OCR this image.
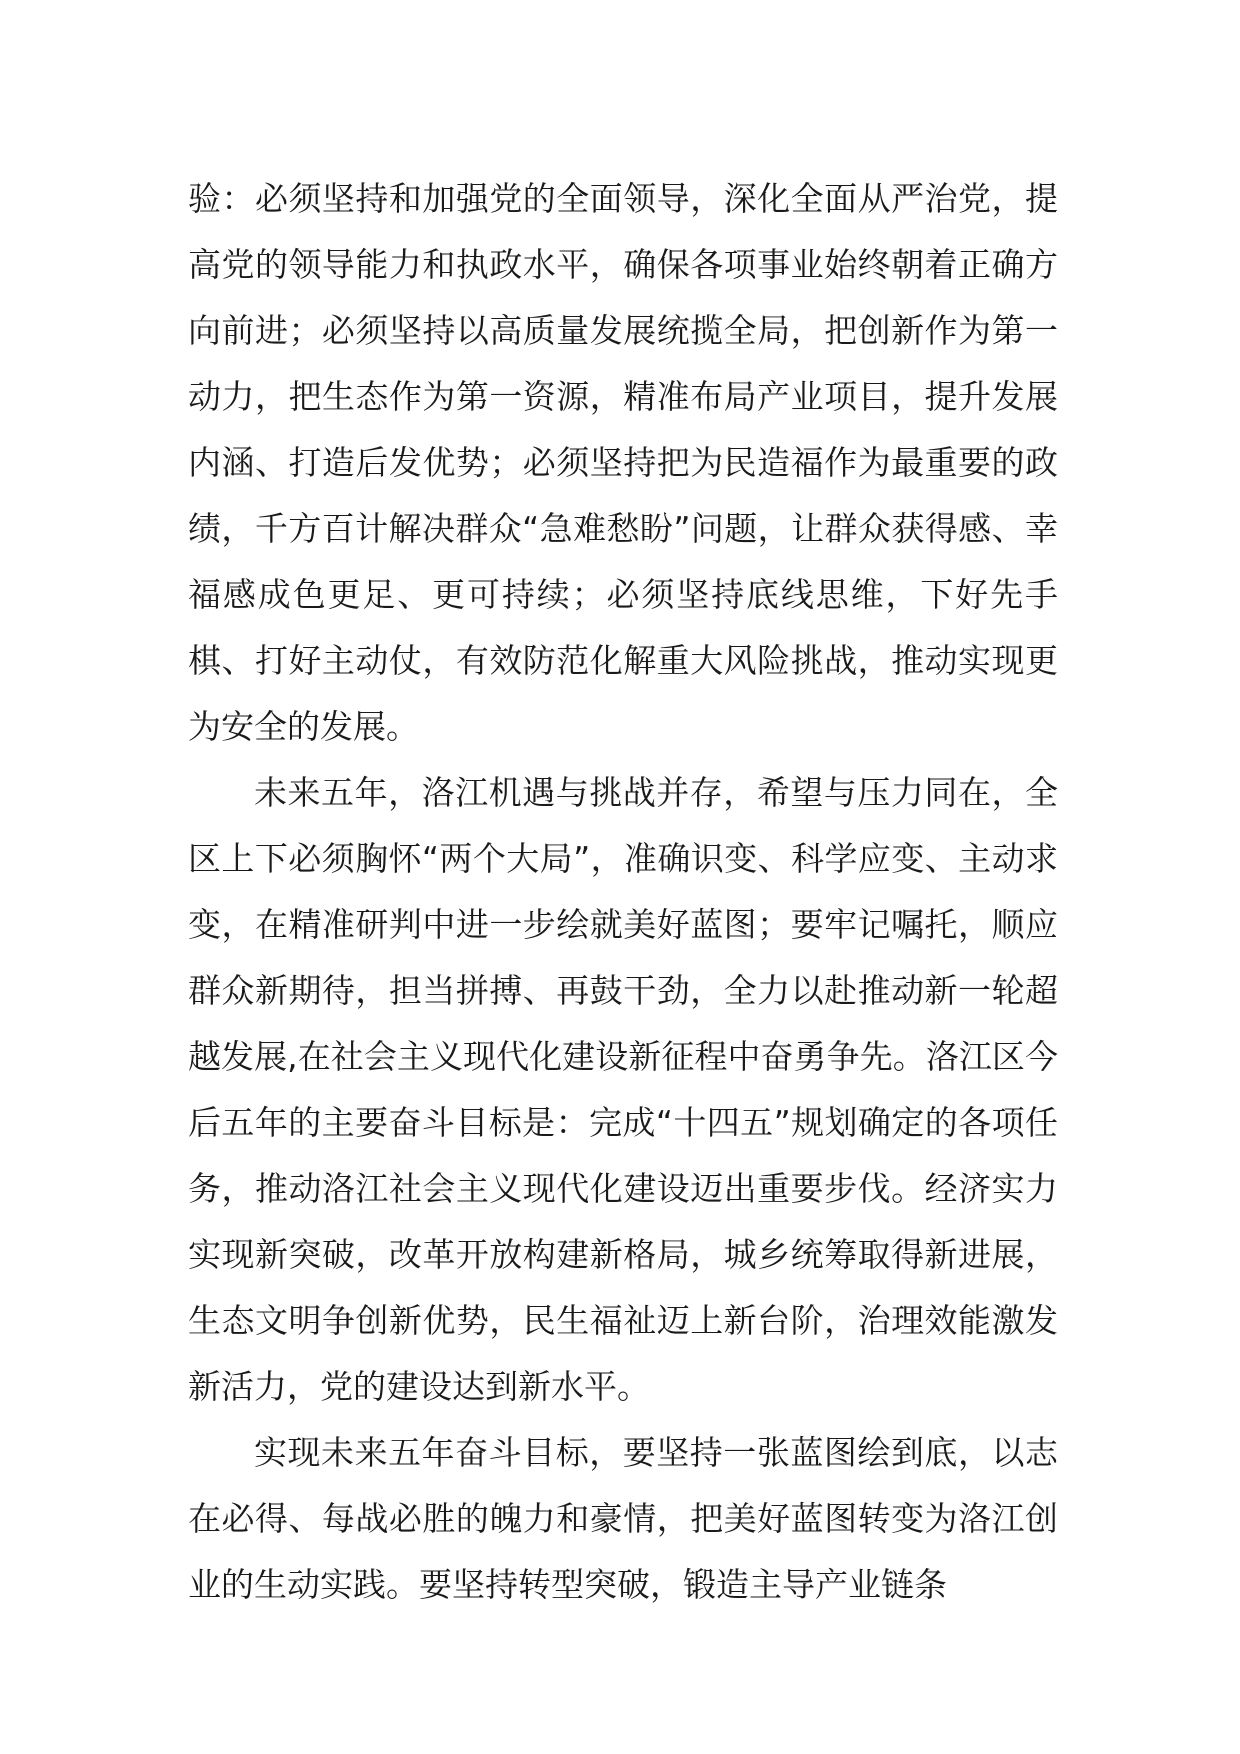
验：必须坚持和加强党的全面领导，深化全面从严治党，提高党的领导能力和执政水平，确保各项事业始终朝着正确方向前进；必须坚持以高质量发展统揽全局，把创新作为第一动力，把生态作为第一资源，精准布局产业项目，提升发展内涵、打造后发优势；必须坚持把为民造福作为最重要的政绩，千方百计解决群众“急难愁盼”问题，让群众获得感、幸福感成色更足、更可持续；必须坚持底线思维，下好先手棋、打好主动仗，有效防范化解重大风险挑战，推动实现更为安全的发展。

未来五年，洛江机遇与挑战并存，希望与压力同在，全区上下必须胸怀“两个大局”，准确识变、科学应变、主动求变，在精准研判中进一步绘就美好蓝图；要牢记嘱托，顺应群众新期待，担当拼搏、再鼓干劲，全力以赴推动新一轮超越发展,在社会主义现代化建设新征程中奋勇争先。洛江区今后五年的主要奋斗目标是：完成“十四五”规划确定的各项任务，推动洛江社会主义现代化建设迈出重要步伐。经济实力实现新突破，改革开放构建新格局，城乡统筹取得新进展，生态文明争创新优势，民生福祉迈上新台阶，治理效能激发新活力，党的建设达到新水平。

实现未来五年奋斗目标，要坚持一张蓝图绘到底，以志在必得、每战必胜的魄力和豪情，把美好蓝图转变为洛江创业的生动实践。要坚持转型突破，锻造主导产业链条
